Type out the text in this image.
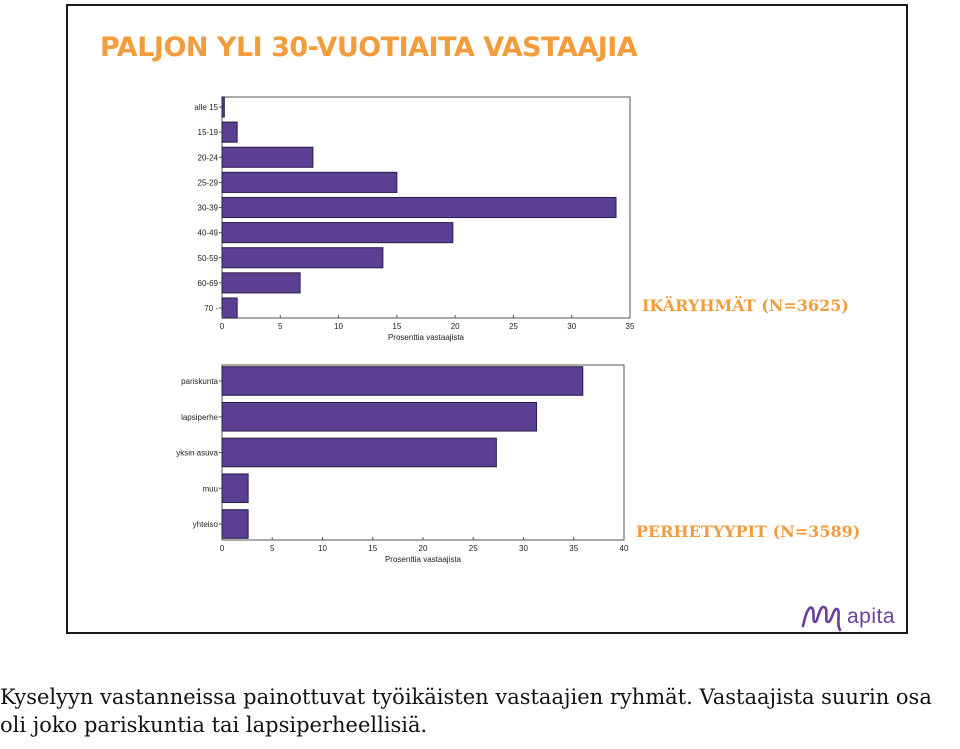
PALJON YLI 30-VUOTIAITA VASTAAJIA
IKÄRYHMÄT (N=3625)
PERHETYYPIT (N=3589)
apita
alle 15
15-19
20-24
25-29
30-39
40-49
50-59
60-69
70 -
0	5	10	15	20	25	30	35
Prosenttia vastaajista
pariskunta
lapsiperhe
yksin asuva
muu
yhteiso
0	5	10	15	20	25	30	35	40
Prosenttia vastaajista

Kyselyyn vastanneissa painottuvat työikäisten vastaajien ryhmät. Vastaajista suurin osa
oli joko pariskuntia tai lapsiperheellisiä.
